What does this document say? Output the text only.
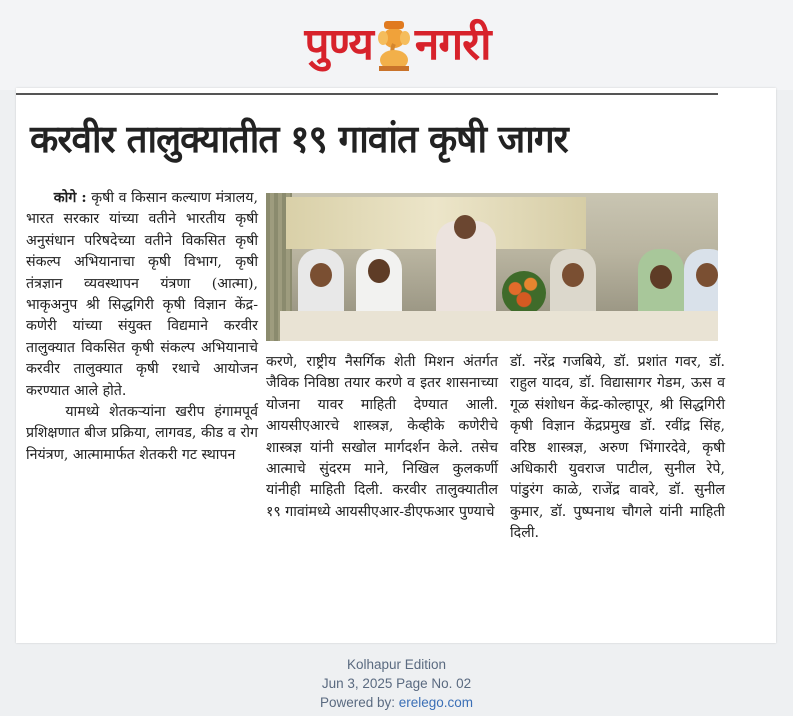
पुण्य नगरी
करवीर तालुक्यातीत १९ गावांत कृषी जागर

कोगे : कृषी व किसान कल्याण मंत्रालय, भारत सरकार यांच्या वतीने भारतीय कृषी अनुसंधान परिषदेच्या वतीने विकसित कृषी संकल्प अभियानाचा कृषी विभाग, कृषी तंत्रज्ञान व्यवस्थापन यंत्रणा (आत्मा), भाकृअनुप श्री सिद्धगिरी कृषी विज्ञान केंद्र-कणेरी यांच्या संयुक्त विद्यमाने करवीर तालुक्यात विकसित कृषी संकल्प अभियानाचे करवीर तालुक्यात कृषी रथाचे आयोजन करण्यात आले होते.

यामध्ये शेतकऱ्यांना खरीप हंगामपूर्व प्रशिक्षणात बीज प्रक्रिया, लागवड, कीड व रोग नियंत्रण, आत्मामार्फत शेतकरी गट स्थापन

करणे, राष्ट्रीय नैसर्गिक शेती मिशन अंतर्गत जैविक निविष्ठा तयार करणे व इतर शासनाच्या योजना यावर माहिती देण्यात आली. आयसीएआरचे शास्त्रज्ञ, केव्हीके कणेरीचे शास्त्रज्ञ यांनी सखोल मार्गदर्शन केले. तसेच आत्माचे सुंदरम माने, निखिल कुलकर्णी यांनीही माहिती दिली. करवीर तालुक्यातील १९ गावांमध्ये आयसीएआर-डीएफआर पुण्याचे

डॉ. नरेंद्र गजबिये, डॉ. प्रशांत गवर, डॉ. राहुल यादव, डॉ. विद्यासागर गेडम, ऊस व गूळ संशोधन केंद्र-कोल्हापूर, श्री सिद्धगिरी कृषी विज्ञान केंद्रप्रमुख डॉ. रवींद्र सिंह, वरिष्ठ शास्त्रज्ञ, अरुण भिंगारदेवे, कृषी अधिकारी युवराज पाटील, सुनील रेपे, पांडुरंग काळे, राजेंद्र वावरे, डॉ. सुनील कुमार, डॉ. पुष्पनाथ चौगले यांनी माहिती दिली.

Kolhapur Edition
Jun 3, 2025 Page No. 02
Powered by: erelego.com
